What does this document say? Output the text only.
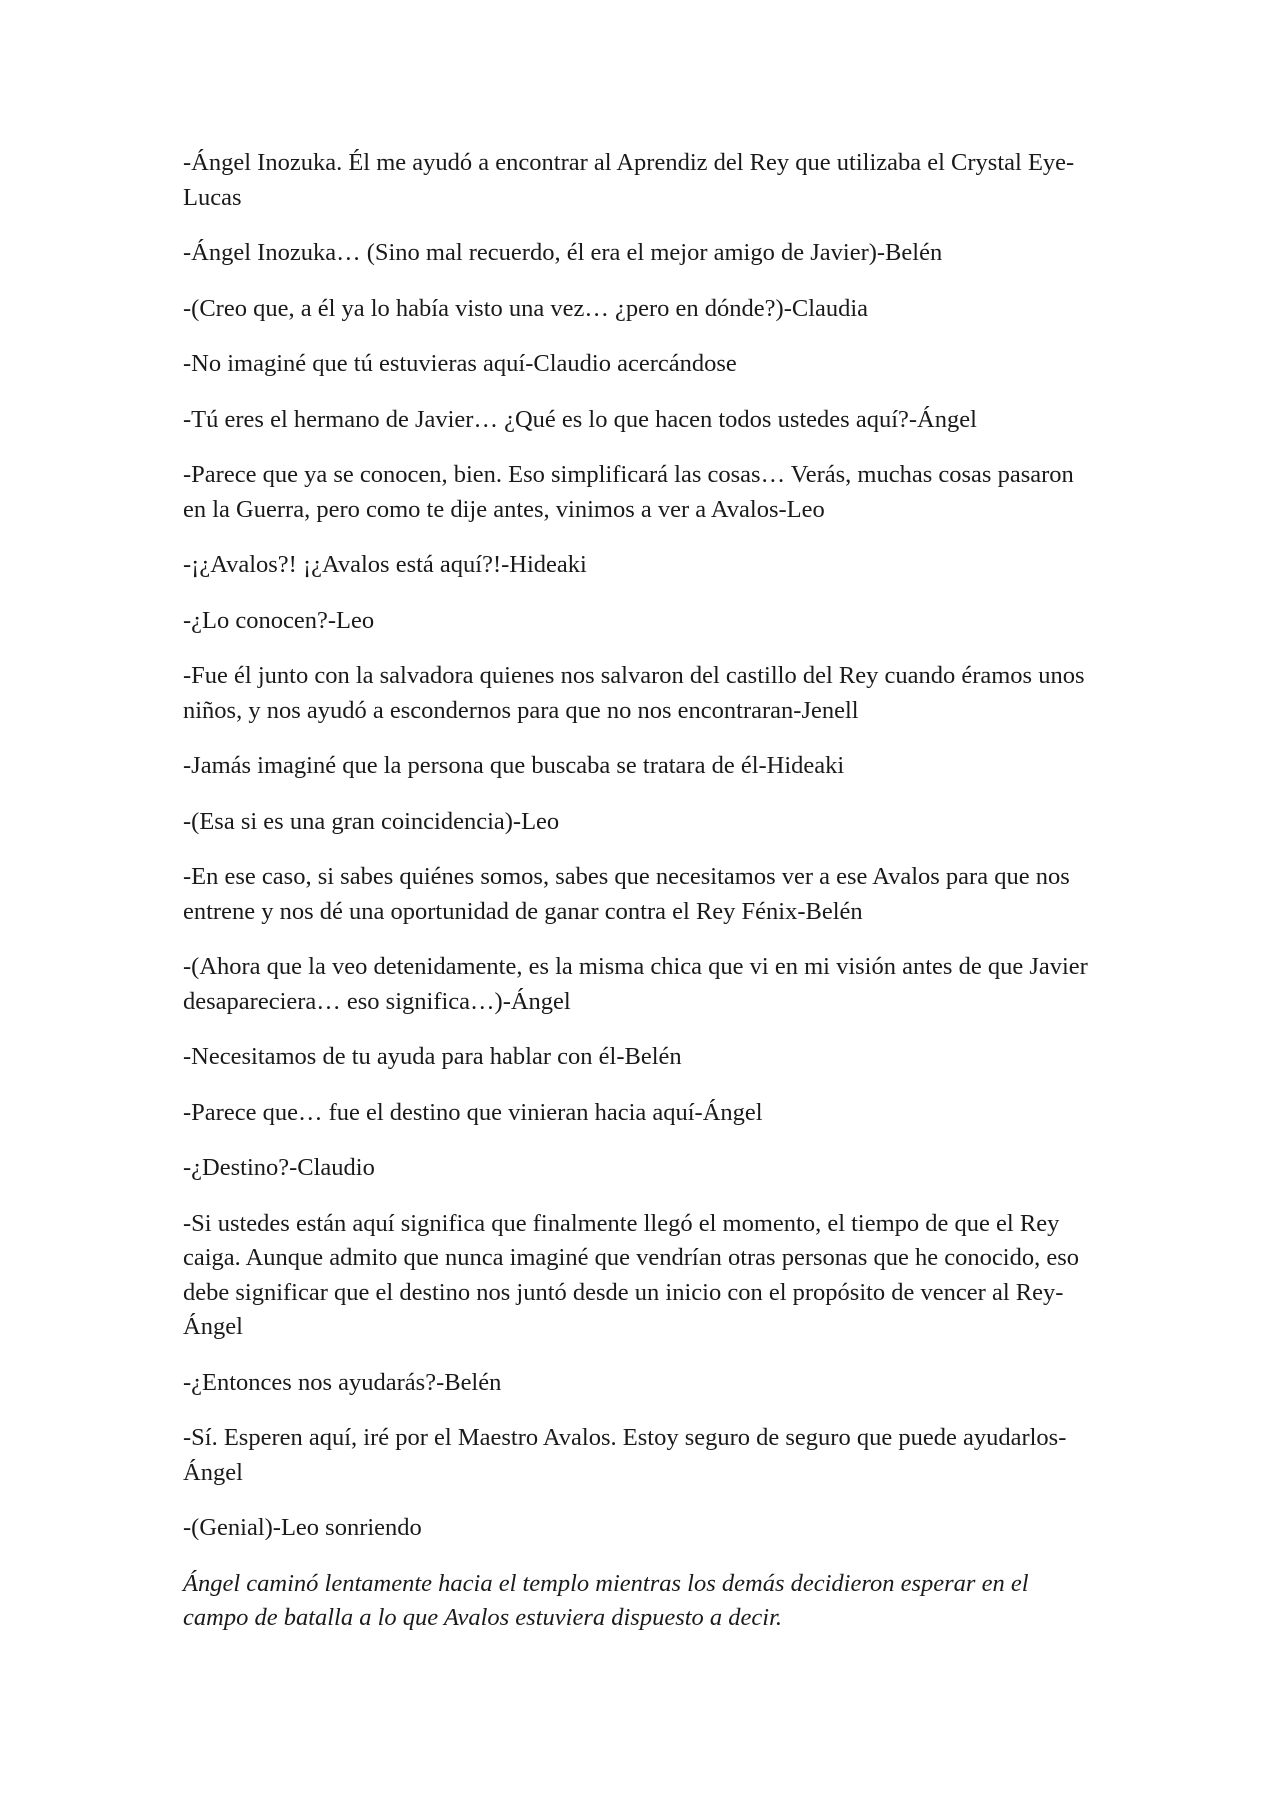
-Ángel Inozuka. Él me ayudó a encontrar al Aprendiz del Rey que utilizaba el Crystal Eye-Lucas

-Ángel Inozuka… (Sino mal recuerdo, él era el mejor amigo de Javier)-Belén

-(Creo que, a él ya lo había visto una vez… ¿pero en dónde?)-Claudia

-No imaginé que tú estuvieras aquí-Claudio acercándose

-Tú eres el hermano de Javier… ¿Qué es lo que hacen todos ustedes aquí?-Ángel

-Parece que ya se conocen, bien. Eso simplificará las cosas… Verás, muchas cosas pasaron en la Guerra, pero como te dije antes, vinimos a ver a Avalos-Leo

-¡¿Avalos?! ¡¿Avalos está aquí?!-Hideaki

-¿Lo conocen?-Leo

-Fue él junto con la salvadora quienes nos salvaron del castillo del Rey cuando éramos unos niños, y nos ayudó a escondernos para que no nos encontraran-Jenell

-Jamás imaginé que la persona que buscaba se tratara de él-Hideaki

-(Esa si es una gran coincidencia)-Leo

-En ese caso, si sabes quiénes somos, sabes que necesitamos ver a ese Avalos para que nos entrene y nos dé una oportunidad de ganar contra el Rey Fénix-Belén

-(Ahora que la veo detenidamente, es la misma chica que vi en mi visión antes de que Javier desapareciera… eso significa…)-Ángel

-Necesitamos de tu ayuda para hablar con él-Belén

-Parece que… fue el destino que vinieran hacia aquí-Ángel

-¿Destino?-Claudio

-Si ustedes están aquí significa que finalmente llegó el momento, el tiempo de que el Rey caiga. Aunque admito que nunca imaginé que vendrían otras personas que he conocido, eso debe significar que el destino nos juntó desde un inicio con el propósito de vencer al Rey-Ángel

-¿Entonces nos ayudarás?-Belén

-Sí. Esperen aquí, iré por el Maestro Avalos. Estoy seguro de seguro que puede ayudarlos-Ángel

-(Genial)-Leo sonriendo

Ángel caminó lentamente hacia el templo mientras los demás decidieron esperar en el campo de batalla a lo que Avalos estuviera dispuesto a decir.
